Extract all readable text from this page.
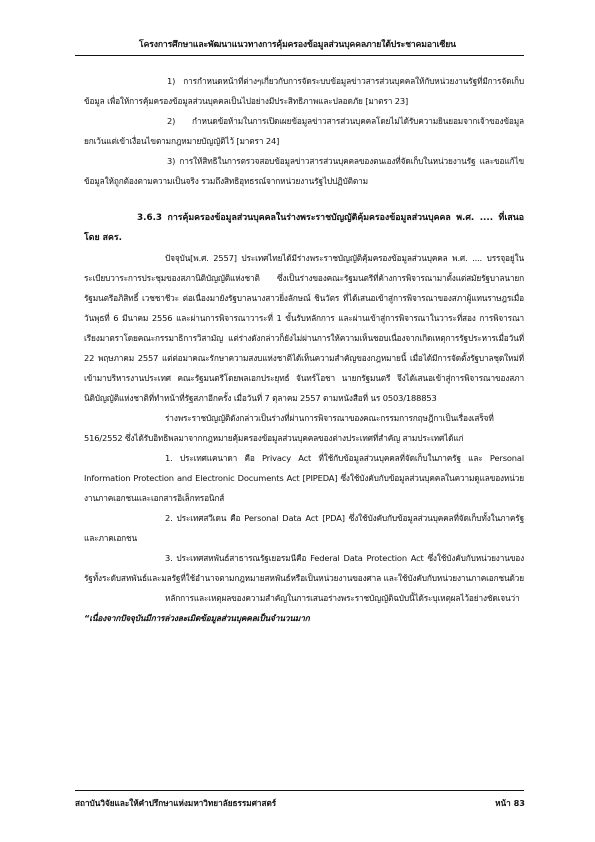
โครงการศึกษาและพัฒนาแนวทางการคุ้มครองข้อมูลส่วนบุคคลภายใต้ประชาคมอาเซียน
1) การกำหนดหน้าที่ต่างๆเกี่ยวกับการจัดระบบข้อมูลข่าวสารส่วนบุคคลให้กับหน่วยงานรัฐที่มีการจัดเก็บข้อมูล เพื่อให้การคุ้มครองข้อมูลส่วนบุคคลเป็นไปอย่างมีประสิทธิภาพและปลอดภัย [มาตรา 23]
2) กำหนดข้อห้ามในการเปิดเผยข้อมูลข่าวสารส่วนบุคคลโดยไม่ได้รับความยินยอมจากเจ้าของข้อมูล ยกเว้นแต่เข้าเงื่อนไขตามกฎหมายบัญญัติไว้ [มาตรา 24]
3) การให้สิทธิในการตรวจสอบข้อมูลข่าวสารส่วนบุคคลของตนเองที่จัดเก็บในหน่วยงานรัฐ และขอแก้ไขข้อมูลให้ถูกต้องตามความเป็นจริง รวมถึงสิทธิอุทธรณ์จากหน่วยงานรัฐไปปฏิบัติตาม
3.6.3 การคุ้มครองข้อมูลส่วนบุคคลในร่างพระราชบัญญัติคุ้มครองข้อมูลส่วนบุคคล พ.ศ. .... ที่เสนอโดย สคร.
ปัจจุบัน[พ.ศ. 2557] ประเทศไทยได้มีร่างพระราชบัญญัติคุ้มครองข้อมูลส่วนบุคคล พ.ศ. .... บรรจุอยู่ในระเบียบวาระการประชุมของสภานิติบัญญัติแห่งชาติ ซึ่งเป็นร่างของคณะรัฐมนตรีที่ค้างการพิจารณามาตั้งแต่สมัยรัฐบาลนายกรัฐมนตรีอภิสิทธิ์ เวชชาชีวะ ต่อเนื่องมายังรัฐบาลนางสาวยิ่งลักษณ์ ชินวัตร ที่ได้เสนอเข้าสู่การพิจารณาของสภาผู้แทนราษฎรเมื่อวันพุธที่ 6 มีนาคม 2556 และผ่านการพิจารณาวาระที่ 1 ขั้นรับหลักการ และผ่านเข้าสู่การพิจารณาในวาระที่สอง การพิจารณาเรียงมาตราโดยคณะกรรมาธิการวิสามัญ แต่ร่างดังกล่าวก็ยังไม่ผ่านการให้ความเห็นชอบเนื่องจากเกิดเหตุการรัฐประหารเมื่อวันที่ 22 พฤษภาคม 2557 แต่ต่อมาคณะรักษาความสงบแห่งชาติได้เห็นความสำคัญของกฎหมายนี้ เมื่อได้มีการจัดตั้งรัฐบาลชุดใหม่ที่เข้ามาบริหารงานประเทศ คณะรัฐมนตรีโดยพลเอกประยุทธ์ จันทร์โอชา นายกรัฐมนตรี จึงได้เสนอเข้าสู่การพิจารณาของสภานิติบัญญัติแห่งชาติที่ทำหน้าที่รัฐสภาอีกครั้ง เมื่อวันที่ 7 ตุลาคม 2557 ตามหนังสือที่ นร 0503/188853
ร่างพระราชบัญญัติดังกล่าวเป็นร่างที่ผ่านการพิจารณาของคณะกรรมการกฤษฎีกาเป็นเรื่องเสร็จที่ 516/2552 ซึ่งได้รับอิทธิพลมาจากกฎหมายคุ้มครองข้อมูลส่วนบุคคลของต่างประเทศที่สำคัญ สามประเทศได้แก่
1. ประเทศแคนาดา คือ Privacy Act ที่ใช้กับข้อมูลส่วนบุคคลที่จัดเก็บในภาครัฐ และ Personal Information Protection and Electronic Documents Act [PIPEDA] ซึ่งใช้บังคับกับข้อมูลส่วนบุคคลในความดูแลของหน่วยงานภาคเอกชนและเอกสารอิเล็กทรอนิกส์
2. ประเทศสวีเดน คือ Personal Data Act [PDA] ซึ่งใช้บังคับกับข้อมูลส่วนบุคคลที่จัดเก็บทั้งในภาครัฐและภาคเอกชน
3. ประเทศสหพันธ์สาธารณรัฐเยอรมนีคือ Federal Data Protection Act ซึ่งใช้บังคับกับหน่วยงานของรัฐทั้งระดับสหพันธ์และมลรัฐที่ใช้อำนาจตามกฎหมายสหพันธ์หรือเป็นหน่วยงานของศาล และใช้บังคับกับหน่วยงานภาคเอกชนด้วย
หลักการและเหตุผลของความสำคัญในการเสนอร่างพระราชบัญญัติฉบับนี้ได้ระบุเหตุผลไว้อย่างชัดเจนว่า “เนื่องจากปัจจุบันมีการล่วงละเมิดข้อมูลส่วนบุคคลเป็นจำนวนมาก
สถาบันวิจัยและให้คำปรึกษาแห่งมหาวิทยาลัยธรรมศาสตร์	หน้า 83
